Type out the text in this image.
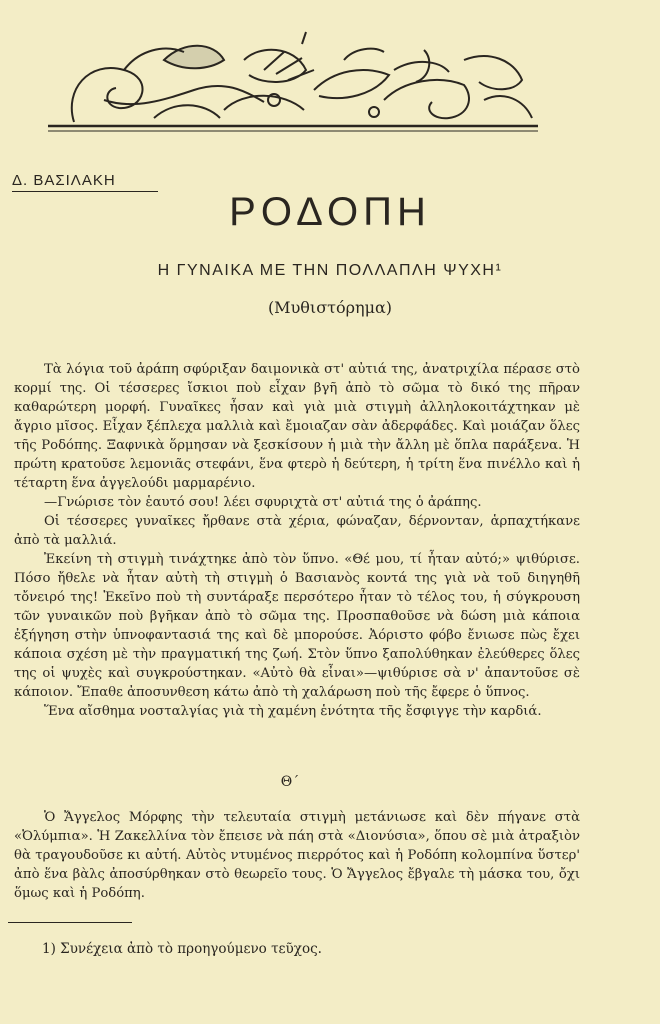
Δ. ΒΑΣΙΛΑΚΗ
ΡΟΔΟΠΗ
Η ΓΥΝΑΙΚΑ ΜΕ ΤΗΝ ΠΟΛΛΑΠΛΗ ΨΥΧΗ¹
(Μυθιστόρημα)

Τὰ λόγια τοῦ ἀράπη σφύριξαν δαιμονικὰ στ' αὐτιά της, ἀνατριχίλα πέρασε στὸ κορμί της. Οἱ τέσσερες ἴσκιοι ποὺ εἶχαν βγῆ ἀπὸ τὸ σῶμα τὸ δικό της πῆραν καθαρώτερη μορφή. Γυναῖκες ἦσαν καὶ γιὰ μιὰ στιγμὴ ἀλληλοκοιτάχτηκαν μὲ ἄγριο μῖσος. Εἶχαν ξέπλεχα μαλλιὰ καὶ ἔμοιαζαν σὰν ἀδερφάδες. Καὶ μοιάζαν ὅλες τῆς Ροδόπης. Ξαφνικὰ ὅρμησαν νὰ ξεσκίσουν ἡ μιὰ τὴν ἄλλη μὲ ὅπλα παράξενα. Ἡ πρώτη κρατοῦσε λεμονιᾶς στεφάνι, ἕνα φτερὸ ἡ δεύτερη, ἡ τρίτη ἕνα πινέλλο καὶ ἡ τέταρτη ἕνα ἀγγελούδι μαρμαρένιο.

—Γνώρισε τὸν ἑαυτό σου! λέει σφυριχτὰ στ' αὐτιά της ὁ ἀράπης.

Οἱ τέσσερες γυναῖκες ἤρθανε στὰ χέρια, φώναζαν, δέρνονταν, ἁρπαχτήκανε ἀπὸ τὰ μαλλιά.

Ἐκείνη τὴ στιγμὴ τινάχτηκε ἀπὸ τὸν ὕπνο. «Θέ μου, τί ἦταν αὐτό;» ψιθύρισε. Πόσο ἤθελε νὰ ἦταν αὐτὴ τὴ στιγμὴ ὁ Βασιανὸς κοντά της γιὰ νὰ τοῦ διηγηθῆ τὄνειρό της! Ἐκεῖνο ποὺ τὴ συντάραξε περσότερο ἦταν τὸ τέλος του, ἡ σύγκρουση τῶν γυναικῶν ποὺ βγῆκαν ἀπὸ τὸ σῶμα της. Προσπαθοῦσε νὰ δώση μιὰ κάποια ἐξήγηση στὴν ὑπνοφαντασιά της καὶ δὲ μπορούσε. Ἀόριστο φόβο ἔνιωσε πὼς ἔχει κάποια σχέση μὲ τὴν πραγματική της ζωή. Στὸν ὕπνο ξαπολύθηκαν ἐλεύθερες ὅλες της οἱ ψυχὲς καὶ συγκρούστηκαν. «Αὐτὸ θὰ εἶναι»—ψιθύρισε σὰ ν' ἀπαντοῦσε σὲ κάποιον. Ἔπαθε ἀποσυνθεση κάτω ἀπὸ τὴ χαλάρωση ποὺ τῆς ἔφερε ὁ ὕπνος.

Ἕνα αἴσθημα νοσταλγίας γιὰ τὴ χαμένη ἑνότητα τῆς ἔσφιγγε τὴν καρδιά.

Θ΄

Ὁ Ἄγγελος Μόρφης τὴν τελευταία στιγμὴ μετάνιωσε καὶ δὲν πήγανε στὰ «Ὀλύμπια». Ἡ Ζακελλίνα τὸν ἔπεισε νὰ πάη στὰ «Διονύσια», ὅπου σὲ μιὰ ἀτραξιὸν θὰ τραγουδοῦσε κι αὐτή. Αὐτὸς ντυμένος πιερρότος καὶ ἡ Ροδόπη κολομπίνα ὕστερ' ἀπὸ ἕνα βὰλς ἀποσύρθηκαν στὸ θεωρεῖο τους. Ὁ Ἄγγελος ἔβγαλε τὴ μάσκα του, ὄχι ὅμως καὶ ἡ Ροδόπη.

1) Συνέχεια ἀπὸ τὸ προηγούμενο τεῦχος.
